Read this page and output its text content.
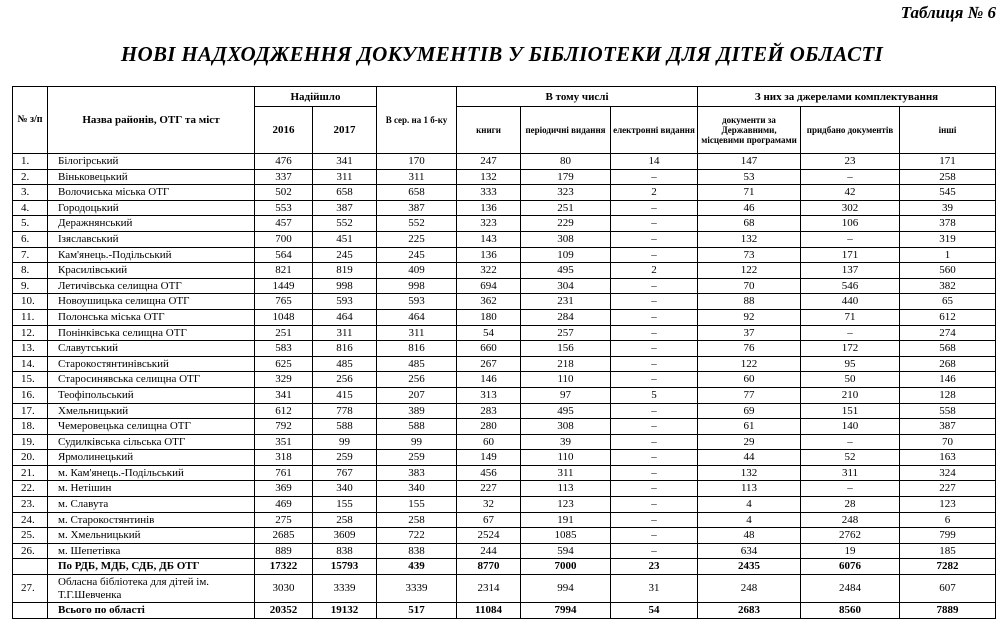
Таблиця № 6
НОВІ НАДХОДЖЕННЯ ДОКУМЕНТІВ У БІБЛІОТЕКИ ДЛЯ ДІТЕЙ ОБЛАСТІ
№ з/п	Назва районів, ОТГ та міст	Надійшло		В сер. на 1 б-ку	В тому числі			З них за джерелами комплектування		
		2016	2017		книги	періодичні видання	електронні видання	документи за Державними, місцевими програмами	придбано документів	інші
1.	Білогірський	476	341	170	247	80	14	147	23	171
2.	Віньковецький	337	311	311	132	179	–	53	–	258
3.	Волочиська міська ОТГ	502	658	658	333	323	2	71	42	545
4.	Городоцький	553	387	387	136	251	–	46	302	39
5.	Деражнянський	457	552	552	323	229	–	68	106	378
6.	Ізяславський	700	451	225	143	308	–	132	–	319
7.	Кам'янець.-Подільський	564	245	245	136	109	–	73	171	1
8.	Красилівський	821	819	409	322	495	2	122	137	560
9.	Летичівська селищна ОТГ	1449	998	998	694	304	–	70	546	382
10.	Новоушицька селищна ОТГ	765	593	593	362	231	–	88	440	65
11.	Полонська міська ОТГ	1048	464	464	180	284	–	92	71	612
12.	Понінківська селищна ОТГ	251	311	311	54	257	–	37	–	274
13.	Славутський	583	816	816	660	156	–	76	172	568
14.	Старокостянтинівський	625	485	485	267	218	–	122	95	268
15.	Старосинявська селищна ОТГ	329	256	256	146	110	–	60	50	146
16.	Теофіпольський	341	415	207	313	97	5	77	210	128
17.	Хмельницький	612	778	389	283	495	–	69	151	558
18.	Чемеровецька селищна ОТГ	792	588	588	280	308	–	61	140	387
19.	Судилківська сільська ОТГ	351	99	99	60	39	–	29	–	70
20.	Ярмолинецький	318	259	259	149	110	–	44	52	163
21.	м. Кам'янець.-Подільський	761	767	383	456	311	–	132	311	324
22.	м. Нетішин	369	340	340	227	113	–	113	–	227
23.	м. Славута	469	155	155	32	123	–	4	28	123
24.	м. Старокостянтинів	275	258	258	67	191	–	4	248	6
25.	м. Хмельницький	2685	3609	722	2524	1085	–	48	2762	799
26.	м. Шепетівка	889	838	838	244	594	–	634	19	185
	По РДБ, МДБ, СДБ, ДБ ОТГ	17322	15793	439	8770	7000	23	2435	6076	7282
27.	Обласна бібліотека для дітей ім. Т.Г.Шевченка	3030	3339	3339	2314	994	31	248	2484	607
	Всього по області	20352	19132	517	11084	7994	54	2683	8560	7889
